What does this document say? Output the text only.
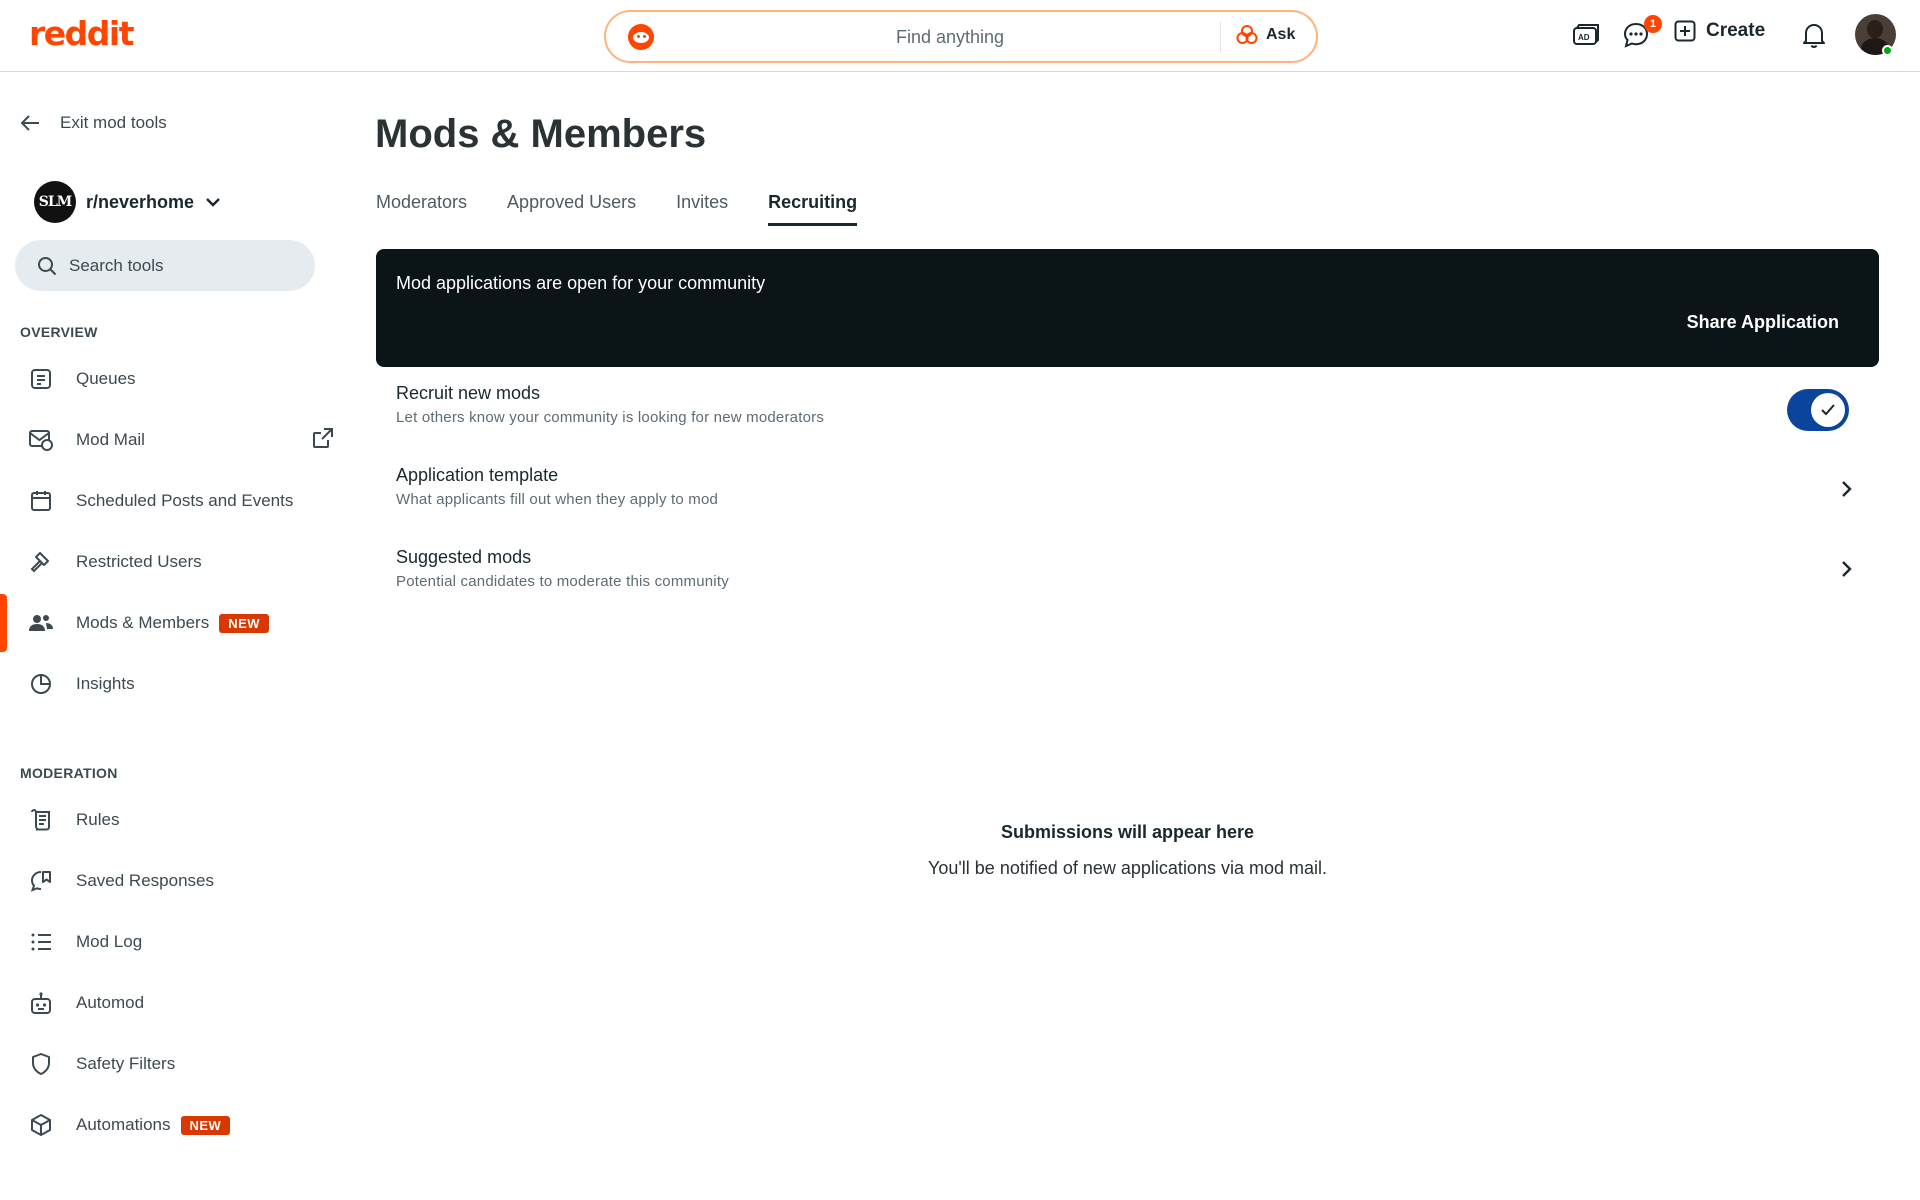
reddit	Find anything	Ask	AD
1	Create
Exit mod tools
SLM r/neverhome
Search tools
OVERVIEW
Queues
Mod Mail
Scheduled Posts and Events
Restricted Users
Mods & Members	NEW
Insights
MODERATION
Rules
Saved Responses
Mod Log
Automod
Safety Filters
Automations	NEW
Mods & Members
Moderators Approved Users Invites Recruiting
Mod applications are open for your community
Share Application
Recruit new mods
Let others know your community is looking for new moderators
Application template
What applicants fill out when they apply to mod
Suggested mods
Potential candidates to moderate this community
Submissions will appear here
You'll be notified of new applications via mod mail.
